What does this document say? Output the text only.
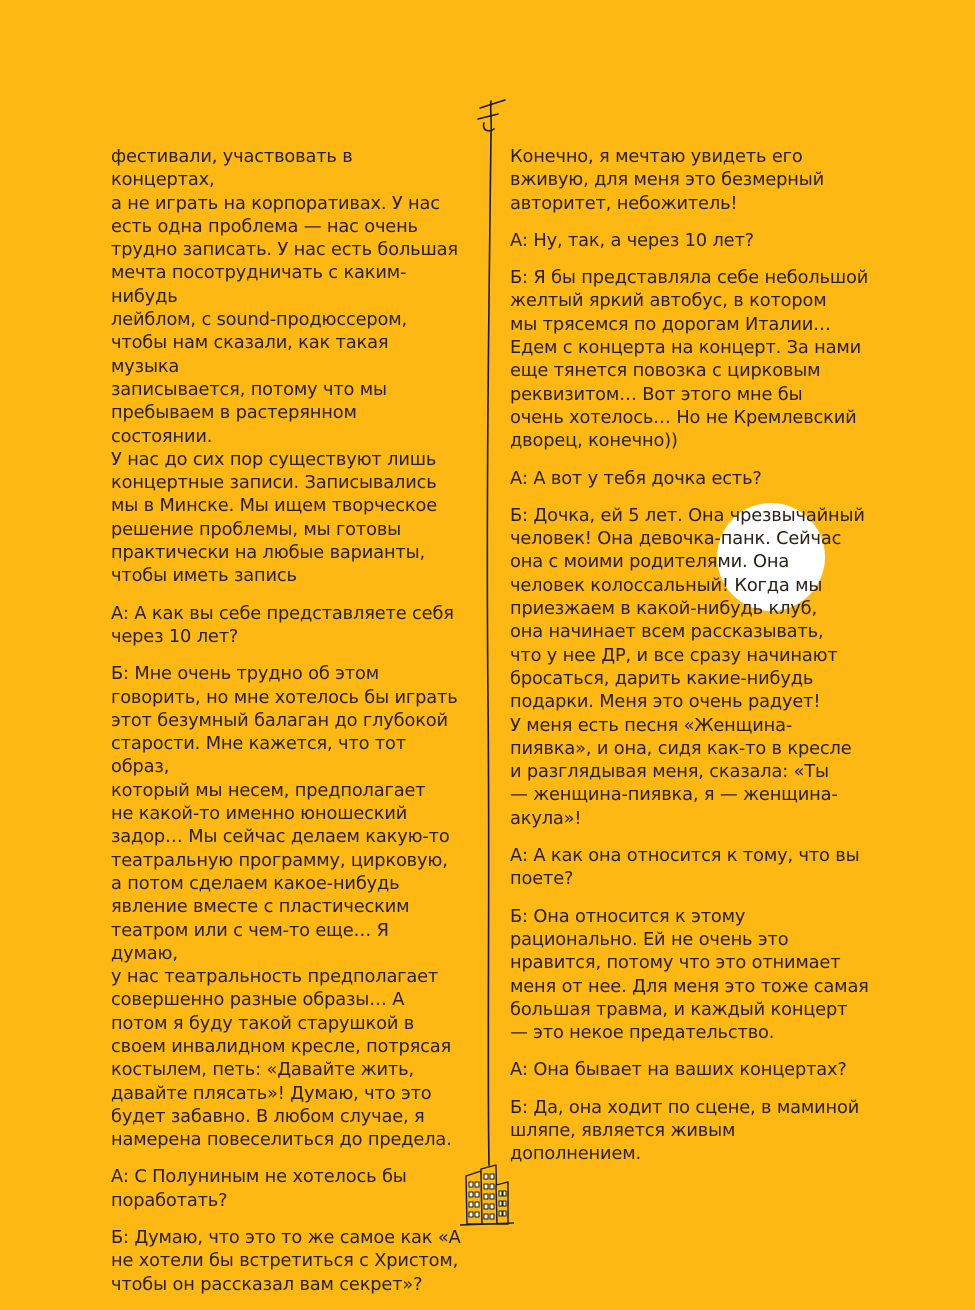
фестивали, участвовать в концертах,
а не играть на корпоративах. У нас
есть одна проблема — нас очень
трудно записать. У нас есть большая
мечта посотрудничать с каким-нибудь
лейблом, с sound-продюссером,
чтобы нам сказали, как такая музыка
записывается, потому что мы
пребываем в растерянном состоянии.
У нас до сих пор существуют лишь
концертные записи. Записывались
мы в Минске. Мы ищем творческое
решение проблемы, мы готовы
практически на любые варианты,
чтобы иметь запись

А: А как вы себе представляете себя
через 10 лет?

Б: Мне очень трудно об этом
говорить, но мне хотелось бы играть
этот безумный балаган до глубокой
старости. Мне кажется, что тот образ,
который мы несем, предполагает
не какой-то именно юношеский
задор… Мы сейчас делаем какую-то
театральную программу, цирковую,
а потом сделаем какое-нибудь
явление вместе с пластическим
театром или с чем-то еще… Я думаю,
у нас театральность предполагает
совершенно разные образы… А
потом я буду такой старушкой в
своем инвалидном кресле, потрясая
костылем, петь: «Давайте жить,
давайте плясать»! Думаю, что это
будет забавно. В любом случае, я
намерена повеселиться до предела.

А: С Полуниным не хотелось бы
поработать?

Б: Думаю, что это то же самое как «А
не хотели бы встретиться с Христом,
чтобы он рассказал вам секрет»?

Конечно, я мечтаю увидеть его
вживую, для меня это безмерный
авторитет, небожитель!

А: Ну, так, а через 10 лет?

Б: Я бы представляла себе небольшой
желтый яркий автобус, в котором
мы трясемся по дорогам Италии…
Едем с концерта на концерт. За нами
еще тянется повозка с цирковым
реквизитом… Вот этого мне бы
очень хотелось… Но не Кремлевский
дворец, конечно))

А: А вот у тебя дочка есть?

Б: Дочка, ей 5 лет. Она чрезвычайный
человек! Она девочка-панк. Сейчас
она с моими родителями. Она
человек колоссальный! Когда мы
приезжаем в какой-нибудь клуб,
она начинает всем рассказывать,
что у нее ДР, и все сразу начинают
бросаться, дарить какие-нибудь
подарки. Меня это очень радует!
У меня есть песня «Женщина-
пиявка», и она, сидя как-то в кресле
и разглядывая меня, сказала: «Ты
— женщина-пиявка, я — женщина-
акула»!

А: А как она относится к тому, что вы
поете?

Б: Она относится к этому
рационально. Ей не очень это
нравится, потому что это отнимает
меня от нее. Для меня это тоже самая
большая травма, и каждый концерт
— это некое предательство.

А: Она бывает на ваших концертах?

Б: Да, она ходит по сцене, в маминой
шляпе, является живым дополнением.
